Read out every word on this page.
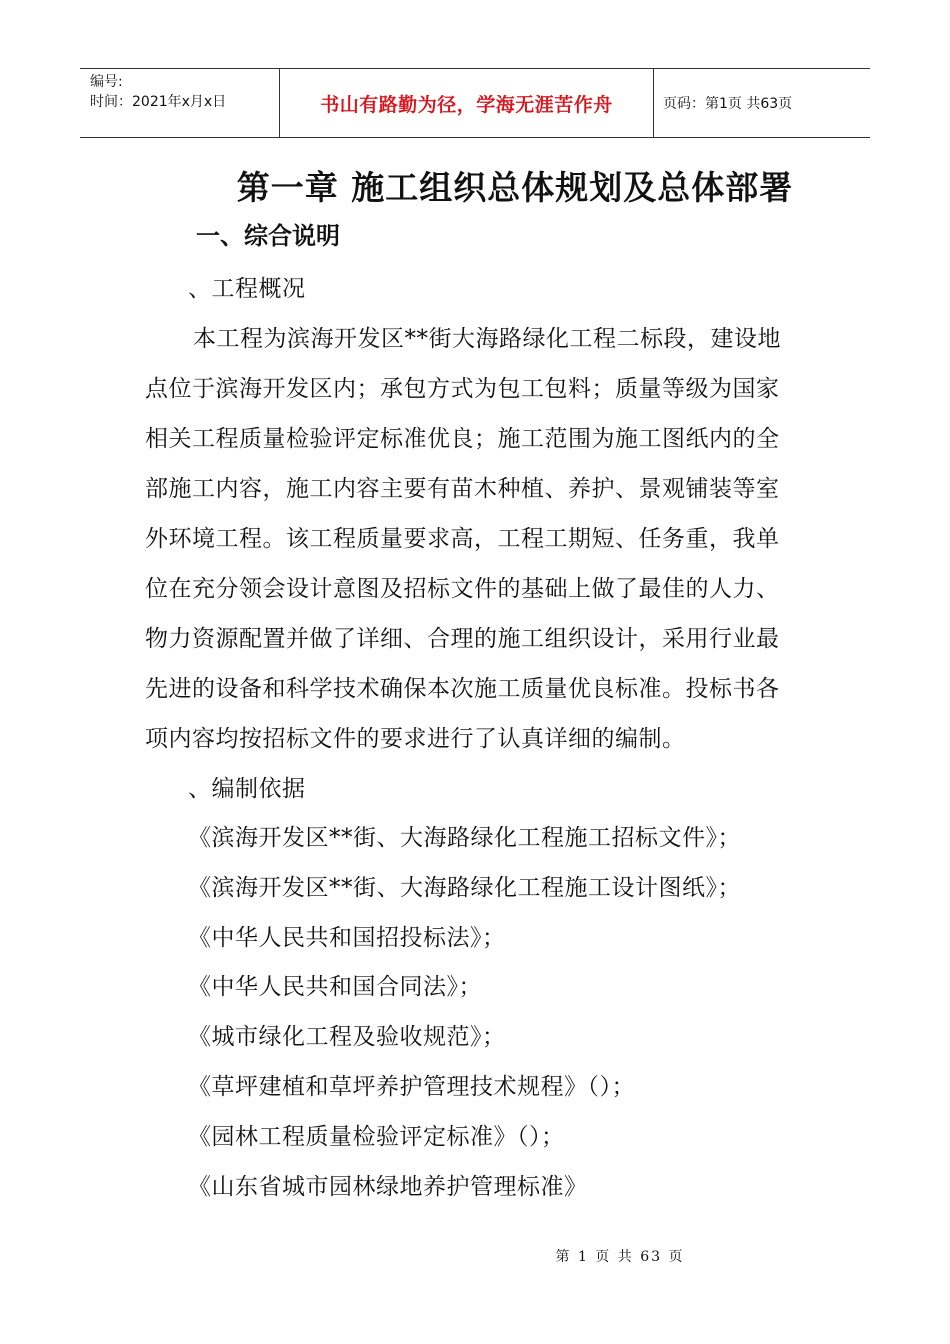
编号:
时间：2021年x月x日	书山有路勤为径，学海无涯苦作舟	页码：第1页 共63页
第一章 施工组织总体规划及总体部署
一、综合说明
、工程概况
本工程为滨海开发区**街大海路绿化工程二标段，建设地
点位于滨海开发区内；承包方式为包工包料；质量等级为国家
相关工程质量检验评定标准优良；施工范围为施工图纸内的全
部施工内容，施工内容主要有苗木种植、养护、景观铺装等室
外环境工程。该工程质量要求高，工程工期短、任务重，我单
位在充分领会设计意图及招标文件的基础上做了最佳的人力、
物力资源配置并做了详细、合理的施工组织设计，采用行业最
先进的设备和科学技术确保本次施工质量优良标准。投标书各
项内容均按招标文件的要求进行了认真详细的编制。
、编制依据
《滨海开发区**街、大海路绿化工程施工招标文件》；
《滨海开发区**街、大海路绿化工程施工设计图纸》；
《中华人民共和国招投标法》；
《中华人民共和国合同法》；
《城市绿化工程及验收规范》；
《草坪建植和草坪养护管理技术规程》（）；
《园林工程质量检验评定标准》（）；
《山东省城市园林绿地养护管理标准》
第 1 页 共 63 页
